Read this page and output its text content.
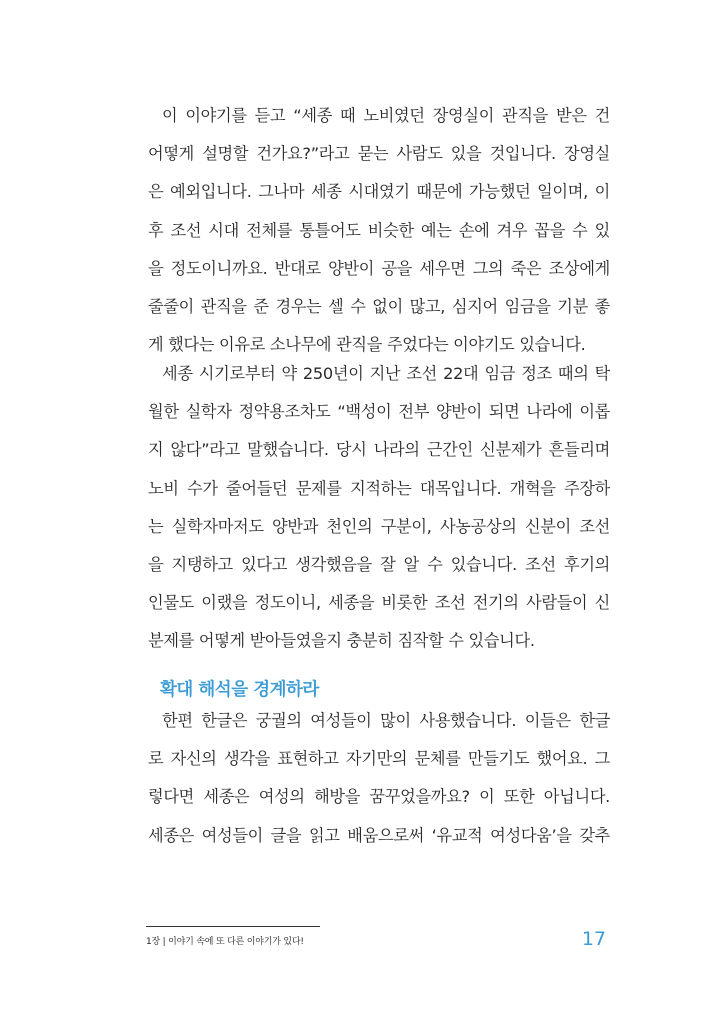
이 이야기를 듣고 “세종 때 노비였던 장영실이 관직을 받은 건
어떻게 설명할 건가요?”라고 묻는 사람도 있을 것입니다. 장영실
은 예외입니다. 그나마 세종 시대였기 때문에 가능했던 일이며, 이
후 조선 시대 전체를 통틀어도 비슷한 예는 손에 겨우 꼽을 수 있
을 정도이니까요. 반대로 양반이 공을 세우면 그의 죽은 조상에게
줄줄이 관직을 준 경우는 셀 수 없이 많고, 심지어 임금을 기분 좋
게 했다는 이유로 소나무에 관직을 주었다는 이야기도 있습니다.
세종 시기로부터 약 250년이 지난 조선 22대 임금 정조 때의 탁
월한 실학자 정약용조차도 “백성이 전부 양반이 되면 나라에 이롭
지 않다”라고 말했습니다. 당시 나라의 근간인 신분제가 흔들리며
노비 수가 줄어들던 문제를 지적하는 대목입니다. 개혁을 주장하
는 실학자마저도 양반과 천인의 구분이, 사농공상의 신분이 조선
을 지탱하고 있다고 생각했음을 잘 알 수 있습니다. 조선 후기의
인물도 이랬을 정도이니, 세종을 비롯한 조선 전기의 사람들이 신
분제를 어떻게 받아들였을지 충분히 짐작할 수 있습니다.
확대 해석을 경계하라
한편 한글은 궁궐의 여성들이 많이 사용했습니다. 이들은 한글
로 자신의 생각을 표현하고 자기만의 문체를 만들기도 했어요. 그
렇다면 세종은 여성의 해방을 꿈꾸었을까요? 이 또한 아닙니다.
세종은 여성들이 글을 읽고 배움으로써 ‘유교적 여성다움’을 갖추
1장 | 이야기 속에 또 다른 이야기가 있다!	17
